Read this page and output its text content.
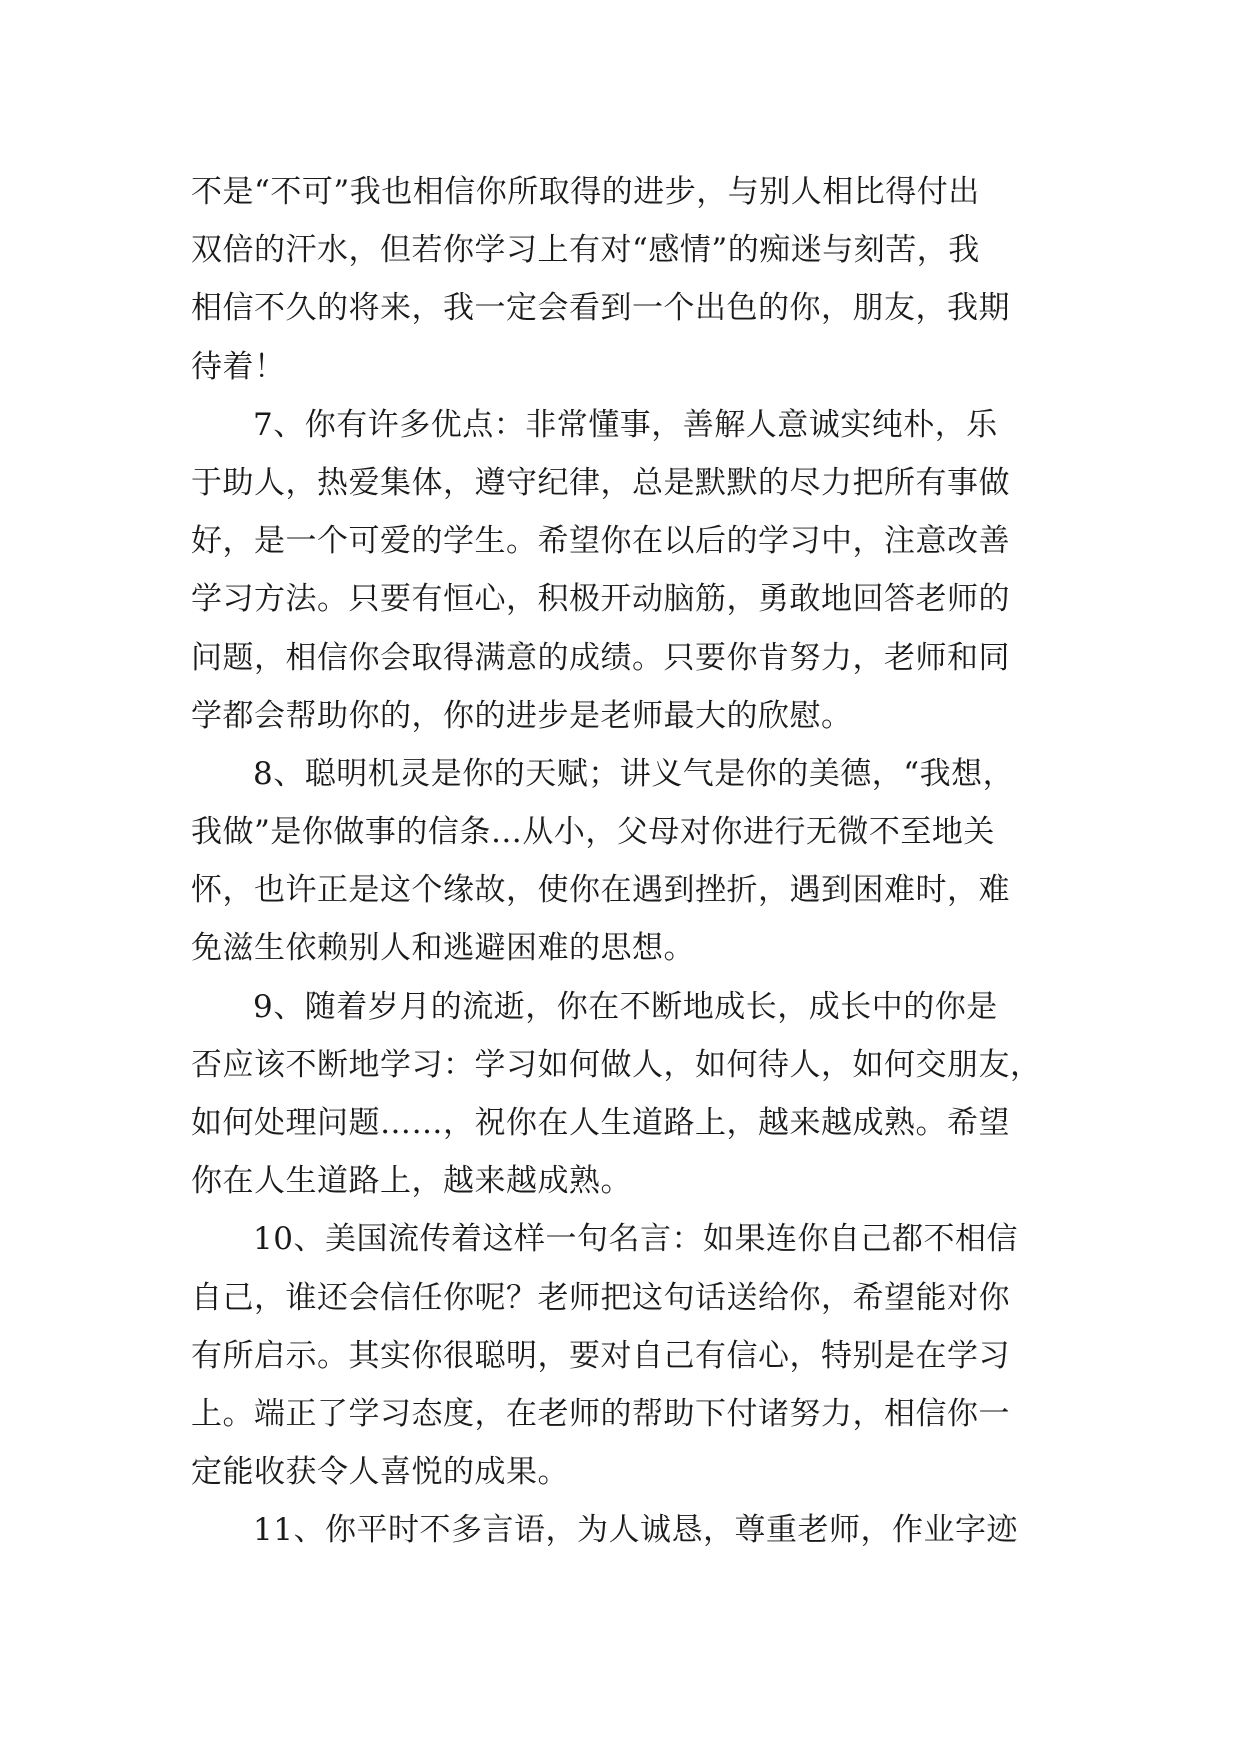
不是“不可”我也相信你所取得的进步，与别人相比得付出
双倍的汗水，但若你学习上有对“感情”的痴迷与刻苦，我
相信不久的将来，我一定会看到一个出色的你，朋友，我期
待着！
7、你有许多优点：非常懂事，善解人意诚实纯朴，乐
于助人，热爱集体，遵守纪律，总是默默的尽力把所有事做
好，是一个可爱的学生。希望你在以后的学习中，注意改善
学习方法。只要有恒心，积极开动脑筋，勇敢地回答老师的
问题，相信你会取得满意的成绩。只要你肯努力，老师和同
学都会帮助你的，你的进步是老师最大的欣慰。
8、聪明机灵是你的天赋；讲义气是你的美德，“我想，
我做”是你做事的信条…从小，父母对你进行无微不至地关
怀，也许正是这个缘故，使你在遇到挫折，遇到困难时，难
免滋生依赖别人和逃避困难的思想。
9、随着岁月的流逝，你在不断地成长，成长中的你是
否应该不断地学习：学习如何做人，如何待人，如何交朋友，
如何处理问题……，祝你在人生道路上，越来越成熟。希望
你在人生道路上，越来越成熟。
10、美国流传着这样一句名言：如果连你自己都不相信
自己，谁还会信任你呢？老师把这句话送给你，希望能对你
有所启示。其实你很聪明，要对自己有信心，特别是在学习
上。端正了学习态度，在老师的帮助下付诸努力，相信你一
定能收获令人喜悦的成果。
11、你平时不多言语，为人诚恳，尊重老师，作业字迹
